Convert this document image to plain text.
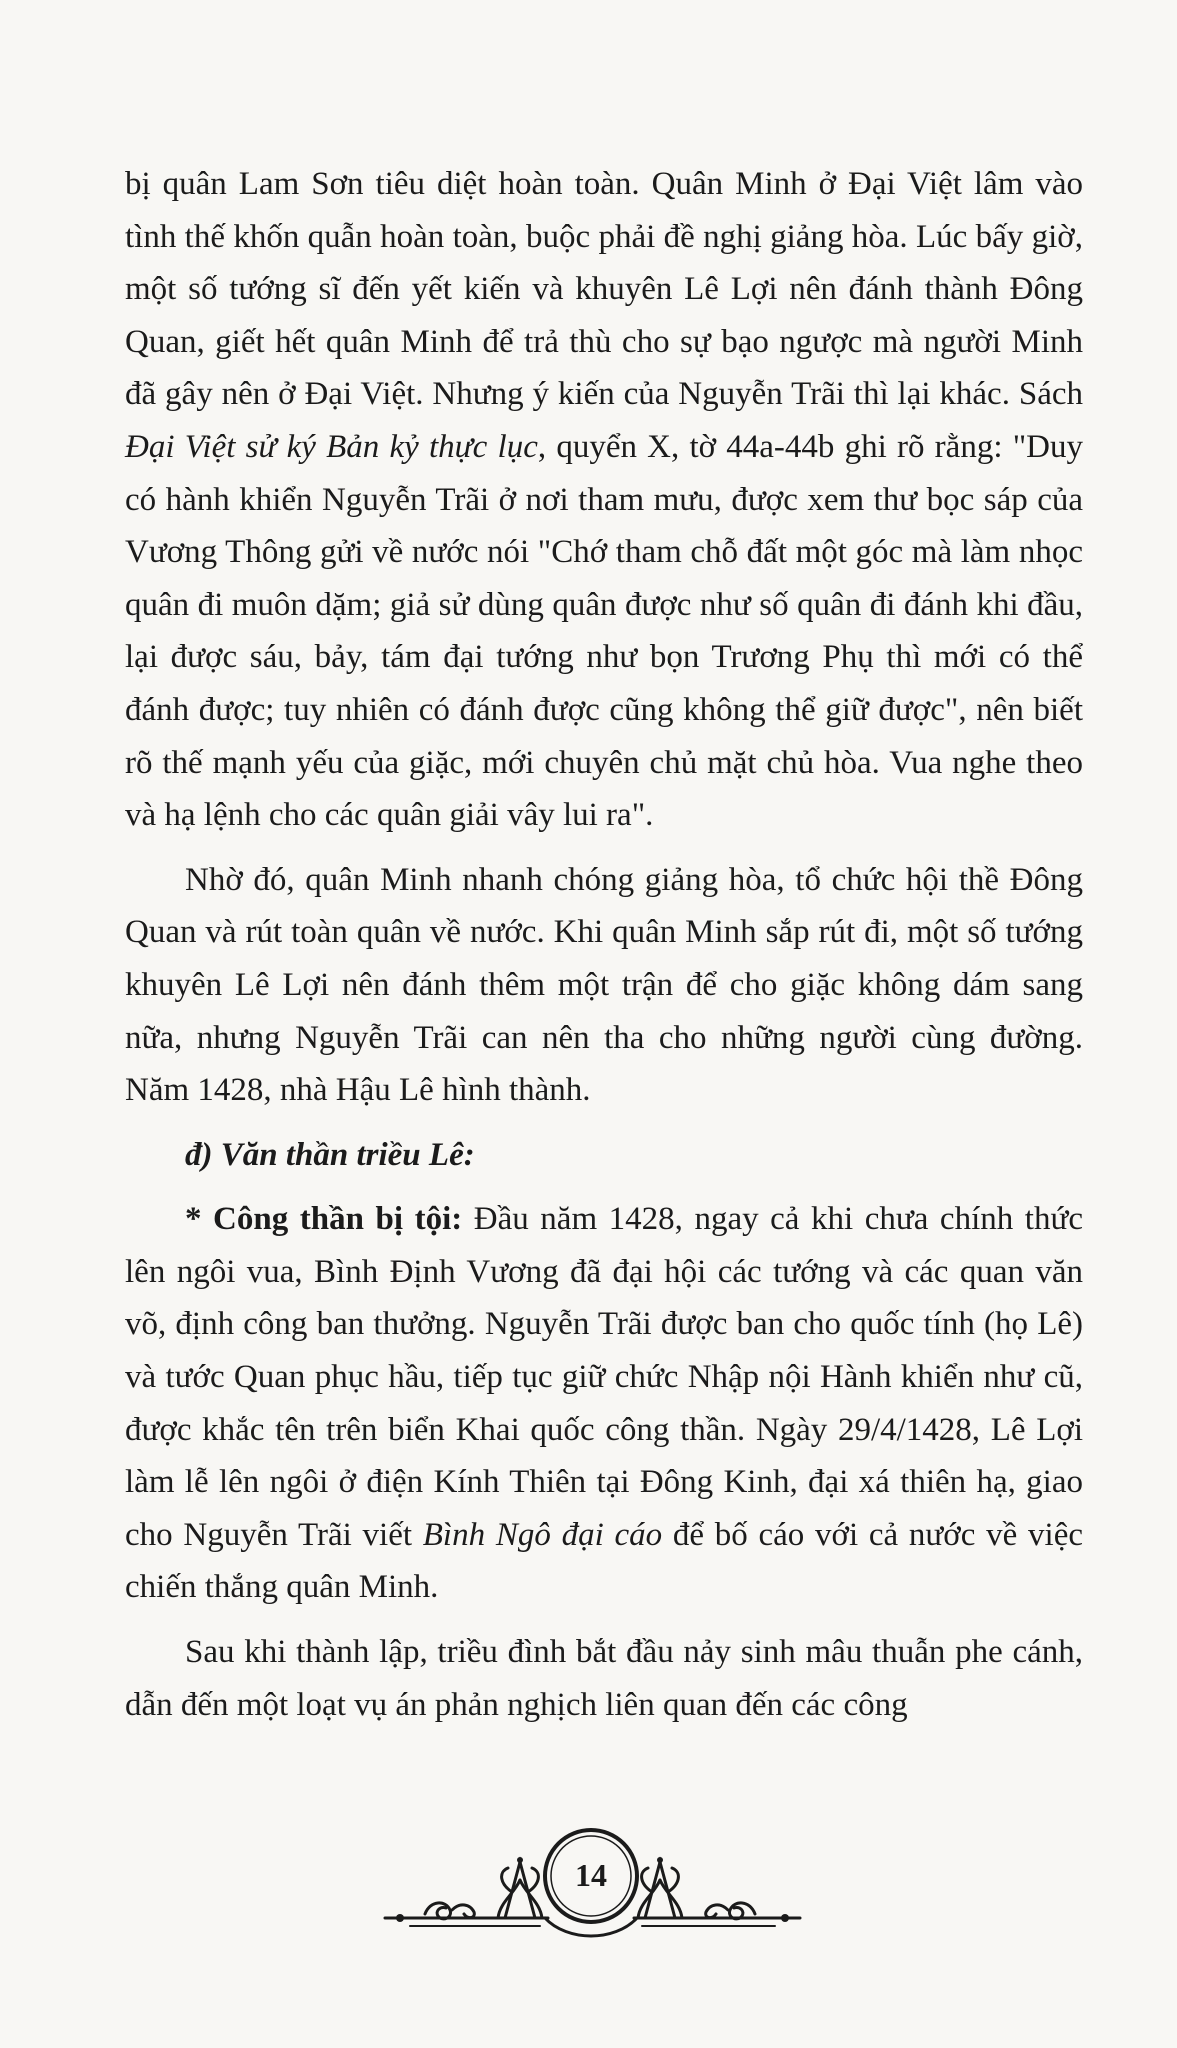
bị quân Lam Sơn tiêu diệt hoàn toàn. Quân Minh ở Đại Việt lâm vào tình thế khốn quẫn hoàn toàn, buộc phải đề nghị giảng hòa. Lúc bấy giờ, một số tướng sĩ đến yết kiến và khuyên Lê Lợi nên đánh thành Đông Quan, giết hết quân Minh để trả thù cho sự bạo ngược mà người Minh đã gây nên ở Đại Việt. Nhưng ý kiến của Nguyễn Trãi thì lại khác. Sách Đại Việt sử ký Bản kỷ thực lục, quyển X, tờ 44a-44b ghi rõ rằng: "Duy có hành khiển Nguyễn Trãi ở nơi tham mưu, được xem thư bọc sáp của Vương Thông gửi về nước nói "Chớ tham chỗ đất một góc mà làm nhọc quân đi muôn dặm; giả sử dùng quân được như số quân đi đánh khi đầu, lại được sáu, bảy, tám đại tướng như bọn Trương Phụ thì mới có thể đánh được; tuy nhiên có đánh được cũng không thể giữ được", nên biết rõ thế mạnh yếu của giặc, mới chuyên chủ mặt chủ hòa. Vua nghe theo và hạ lệnh cho các quân giải vây lui ra".

Nhờ đó, quân Minh nhanh chóng giảng hòa, tổ chức hội thề Đông Quan và rút toàn quân về nước. Khi quân Minh sắp rút đi, một số tướng khuyên Lê Lợi nên đánh thêm một trận để cho giặc không dám sang nữa, nhưng Nguyễn Trãi can nên tha cho những người cùng đường. Năm 1428, nhà Hậu Lê hình thành.

đ) Văn thần triều Lê:

* Công thần bị tội: Đầu năm 1428, ngay cả khi chưa chính thức lên ngôi vua, Bình Định Vương đã đại hội các tướng và các quan văn võ, định công ban thưởng. Nguyễn Trãi được ban cho quốc tính (họ Lê) và tước Quan phục hầu, tiếp tục giữ chức Nhập nội Hành khiển như cũ, được khắc tên trên biển Khai quốc công thần. Ngày 29/4/1428, Lê Lợi làm lễ lên ngôi ở điện Kính Thiên tại Đông Kinh, đại xá thiên hạ, giao cho Nguyễn Trãi viết Bình Ngô đại cáo để bố cáo với cả nước về việc chiến thắng quân Minh.

Sau khi thành lập, triều đình bắt đầu nảy sinh mâu thuẫn phe cánh, dẫn đến một loạt vụ án phản nghịch liên quan đến các công

14
